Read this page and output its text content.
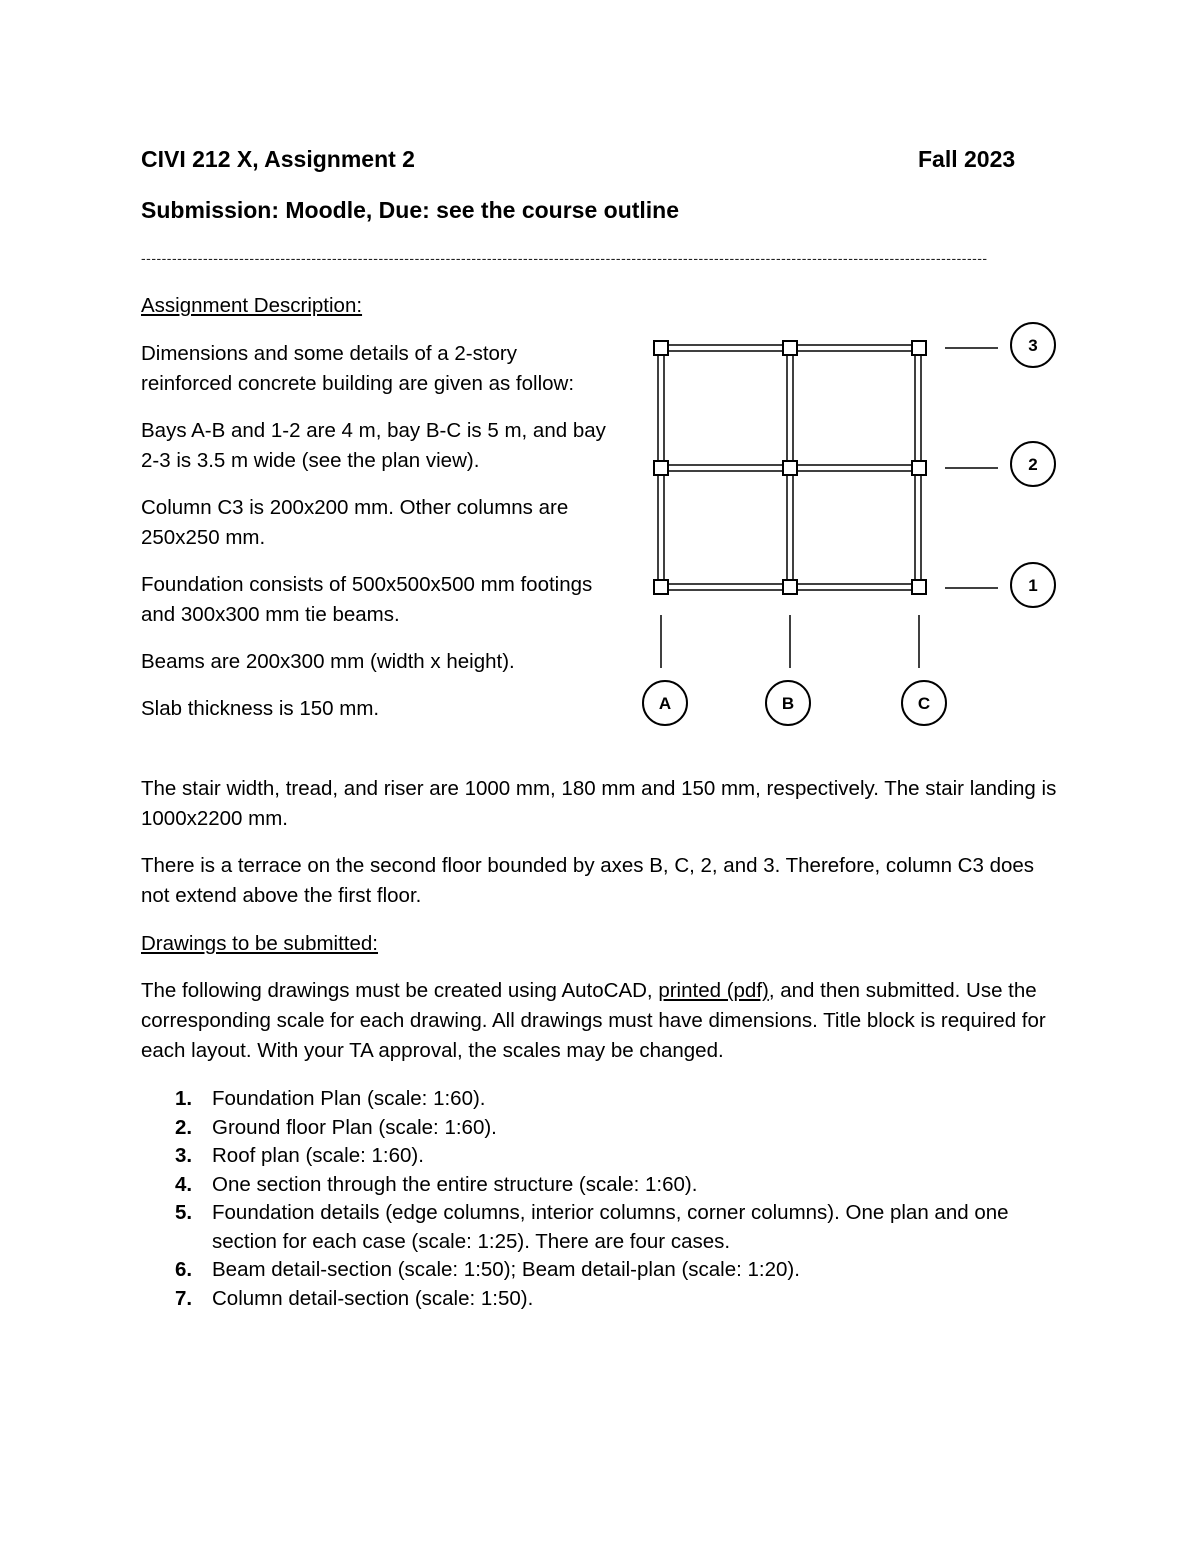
CIVI 212 X, Assignment 2	Fall 2023
Submission: Moodle, Due: see the course outline
--------------------------------------------------------------------------------------------------------------------------------------------------------------------
Assignment Description:

Dimensions and some details of a 2-story reinforced concrete building are given as follow:

Bays A-B and 1-2 are 4 m, bay B-C is 5 m, and bay 2-3 is 3.5 m wide (see the plan view).

Column C3 is 200x200 mm. Other columns are 250x250 mm.

Foundation consists of 500x500x500 mm footings and 300x300 mm tie beams.

Beams are 200x300 mm (width x height).

Slab thickness is 150 mm.

The stair width, tread, and riser are 1000 mm, 180 mm and 150 mm, respectively. The stair landing is 1000x2200 mm.

There is a terrace on the second floor bounded by axes B, C, 2, and 3. Therefore, column C3 does not extend above the first floor.

3
2
1
A	B	C
Drawings to be submitted:
The following drawings must be created using AutoCAD, printed (pdf), and then submitted. Use the corresponding scale for each drawing. All drawings must have dimensions. Title block is required for each layout. With your TA approval, the scales may be changed.
1. Foundation Plan (scale: 1:60).
2. Ground floor Plan (scale: 1:60).
3. Roof plan (scale: 1:60).
4. One section through the entire structure (scale: 1:60).
5. Foundation details (edge columns, interior columns, corner columns). One plan and one section for each case (scale: 1:25). There are four cases.
6. Beam detail-section (scale: 1:50); Beam detail-plan (scale: 1:20).
7. Column detail-section (scale: 1:50).
